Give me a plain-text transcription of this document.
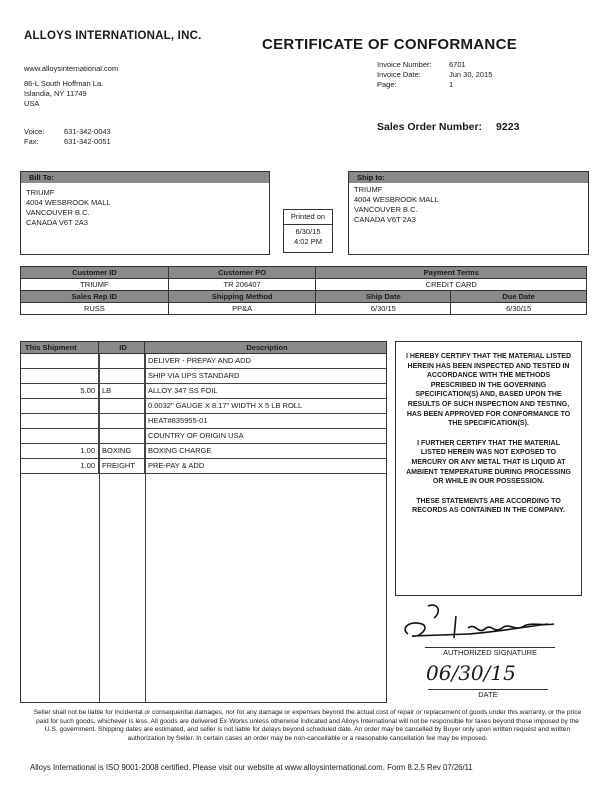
ALLOYS INTERNATIONAL, INC.	CERTIFICATE OF CONFORMANCE
www.alloysinternational.com
86-L South Hoffman La.
Islandia, NY 11749
USA
Voice:	631-342-0043
Fax:	631-342-0051
Invoice Number: 6701
Invoice Date:	Jun 30, 2015
Page:	1
Sales Order Number: 9223
Bill To:
TRIUMF
4004 WESBROOK MALL
VANCOUVER B.C.
CANADA V6T 2A3
Printed on
6/30/15
4:02 PM
Ship to:
TRIUMF
4004 WESBROOK MALL
VANCOUVER B.C.
CANADA V6T 2A3
Customer ID	Customer PO	Payment Terms	
TRIUMF	TR 206407	CREDIT CARD	
Sales Rep ID	Shipping Method	Ship Date	Due Date
RUSS	PP&A	6/30/15	6/30/15
This Shipment	ID	Description
DELIVER - PREPAY AND ADD
SHIP VIA UPS STANDARD
5.00 LB	ALLOY 347 SS FOIL
0.0032" GAUGE X 8.17" WIDTH X 5 LB ROLL
HEAT#835955-01
COUNTRY OF ORIGIN USA
1.00 BOXING	BOXING CHARGE
1.00 FREIGHT	PRE-PAY & ADD

I HEREBY CERTIFY THAT THE MATERIAL LISTED HEREIN HAS BEEN INSPECTED AND TESTED IN ACCORDANCE WITH THE METHODS PRESCRIBED IN THE GOVERNING SPECIFICATION(S) AND, BASED UPON THE RESULTS OF SUCH INSPECTION AND TESTING, HAS BEEN APPROVED FOR CONFORMANCE TO THE SPECIFICATION(S).

I FURTHER CERTIFY THAT THE MATERIAL LISTED HEREIN WAS NOT EXPOSED TO MERCURY OR ANY METAL THAT IS LIQUID AT AMBIENT TEMPERATURE DURING PROCESSING OR WHILE IN OUR POSSESSION.

THESE STATEMENTS ARE ACCORDING TO RECORDS AS CONTAINED IN THE COMPANY.

AUTHORIZED SIGNATURE
06/30/15
DATE
Seller shall not be liable for incidental or consequential damages, nor for any damage or expenses beyond the actual cost of repair or replacement of goods under this warranty, or the price paid for such goods, whichever is less. All goods are delivered Ex-Works unless otherwise indicated and Alloys International will not be responsible for taxes beyond those imposed by the U.S. government. Shipping dates are estimated, and seller is not liable for delays beyond scheduled date. An order may be cancelled by Buyer only upon written request and written authorization by Seller. In certain cases an order may be non-cancellable or a reasonable cancellation fee may be imposed.
Alloys International is ISO 9001-2008 certified. Please visit our website at www.alloysinternational.com. Form 8.2.5 Rev 07/26/11
